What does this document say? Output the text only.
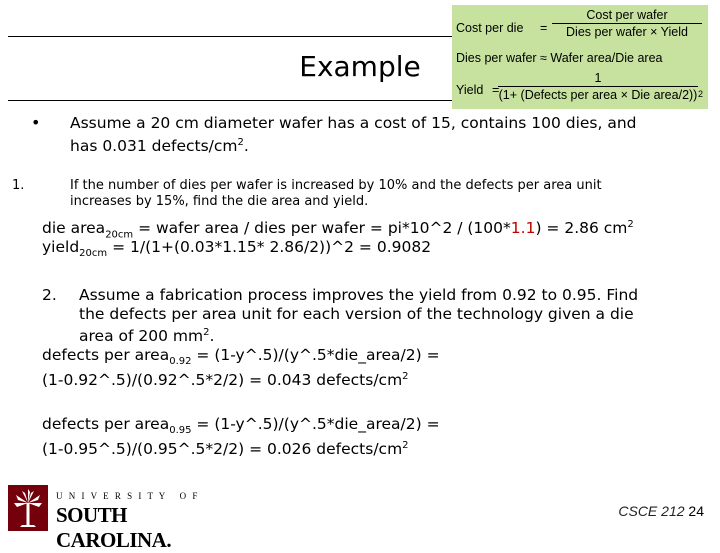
Example
Cost per die =
Cost per wafer
Dies per wafer × Yield
Dies per wafer ≈ Wafer area/Die area
Yield =
1
(1+ (Defects per area × Die area/2)) 2
• Assume a 20 cm diameter wafer has a cost of 15, contains 100 dies, and

has 0.031 defects/$cm^2$.

1.	If the number of dies per wafer is increased by 10% and the defects per area unit

increases by 15%, find the die area and yield.

die area$_{20cm}$ = wafer area / dies per wafer = pi*10^2 / (100*1.1) = 2.86 $cm^2$

yield$_{20cm}$ = 1/(1+(0.03*1.15* 2.86/2))^2 = 0.9082

2. Assume a fabrication process improves the yield from 0.92 to 0.95. Find

the defects per area unit for each version of the technology given a die

area of 200 $mm^2$.

defects per area$_{0.92}$ = (1-y^.5)/(y^.5*die_area/2) =

(1-0.92^.5)/(0.92^.5*2/2) = 0.043 defects/$cm^2$

defects per area$_{0.95}$ = (1-y^.5)/(y^.5*die_area/2) =

(1-0.95^.5)/(0.95^.5*2/2) = 0.026 defects/$cm^2$

U N I V E R S I T Y   O F
SOUTH CAROLINA.
CSCE 212 24
